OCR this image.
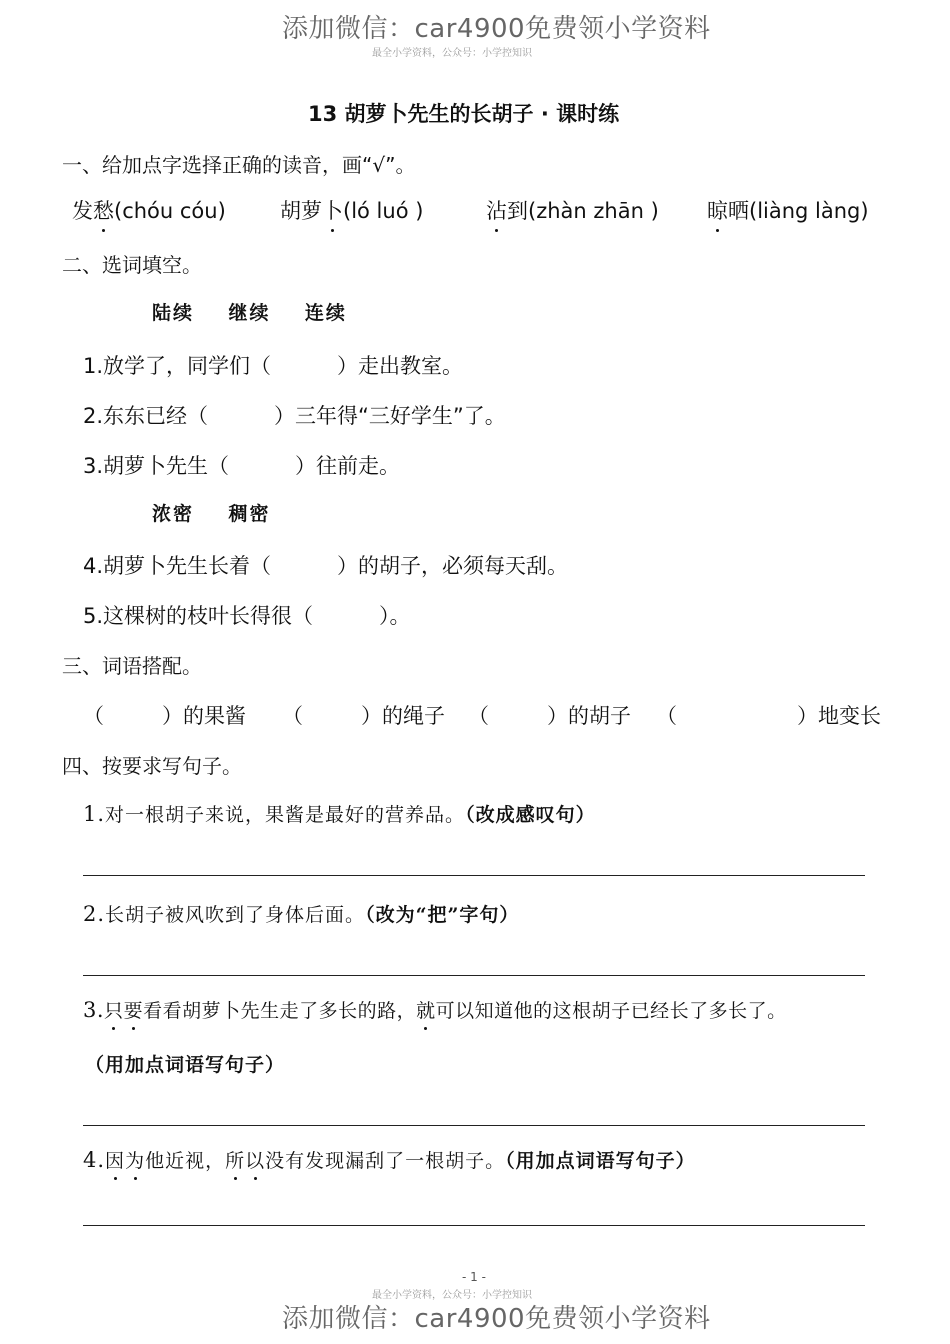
添加微信：car4900免费领小学资料
最全小学资料，公众号：小学控知识
13 胡萝卜先生的长胡子 · 课时练
一、给加点字选择正确的读音，画“√”。
发愁(chóu cóu)	胡萝卜(ló luó )	沾到(zhàn zhān ) 晾晒(liàng làng)
二、选词填空。
陆续    继续    连续
1.放学了，同学们（	）走出教室。
2.东东已经（	）三年得“三好学生”了。
3.胡萝卜先生（	）往前走。
浓密    稠密
4.胡萝卜先生长着（	）的胡子，必须每天刮。
5.这棵树的枝叶长得很（	）。
三、词语搭配。
（	）的果酱 （	）的绳子 （	）的胡子 （	）地变长
四、按要求写句子。
1.对一根胡子来说，果酱是最好的营养品。（改成感叹句）
2.长胡子被风吹到了身体后面。（改为“把”字句）
3.只要看看胡萝卜先生走了多长的路，就可以知道他的这根胡子已经长了多长了。
（用加点词语写句子）
4.因为他近视，所以没有发现漏刮了一根胡子。（用加点词语写句子）
- 1 -
最全小学资料，公众号：小学控知识
添加微信：car4900免费领小学资料
